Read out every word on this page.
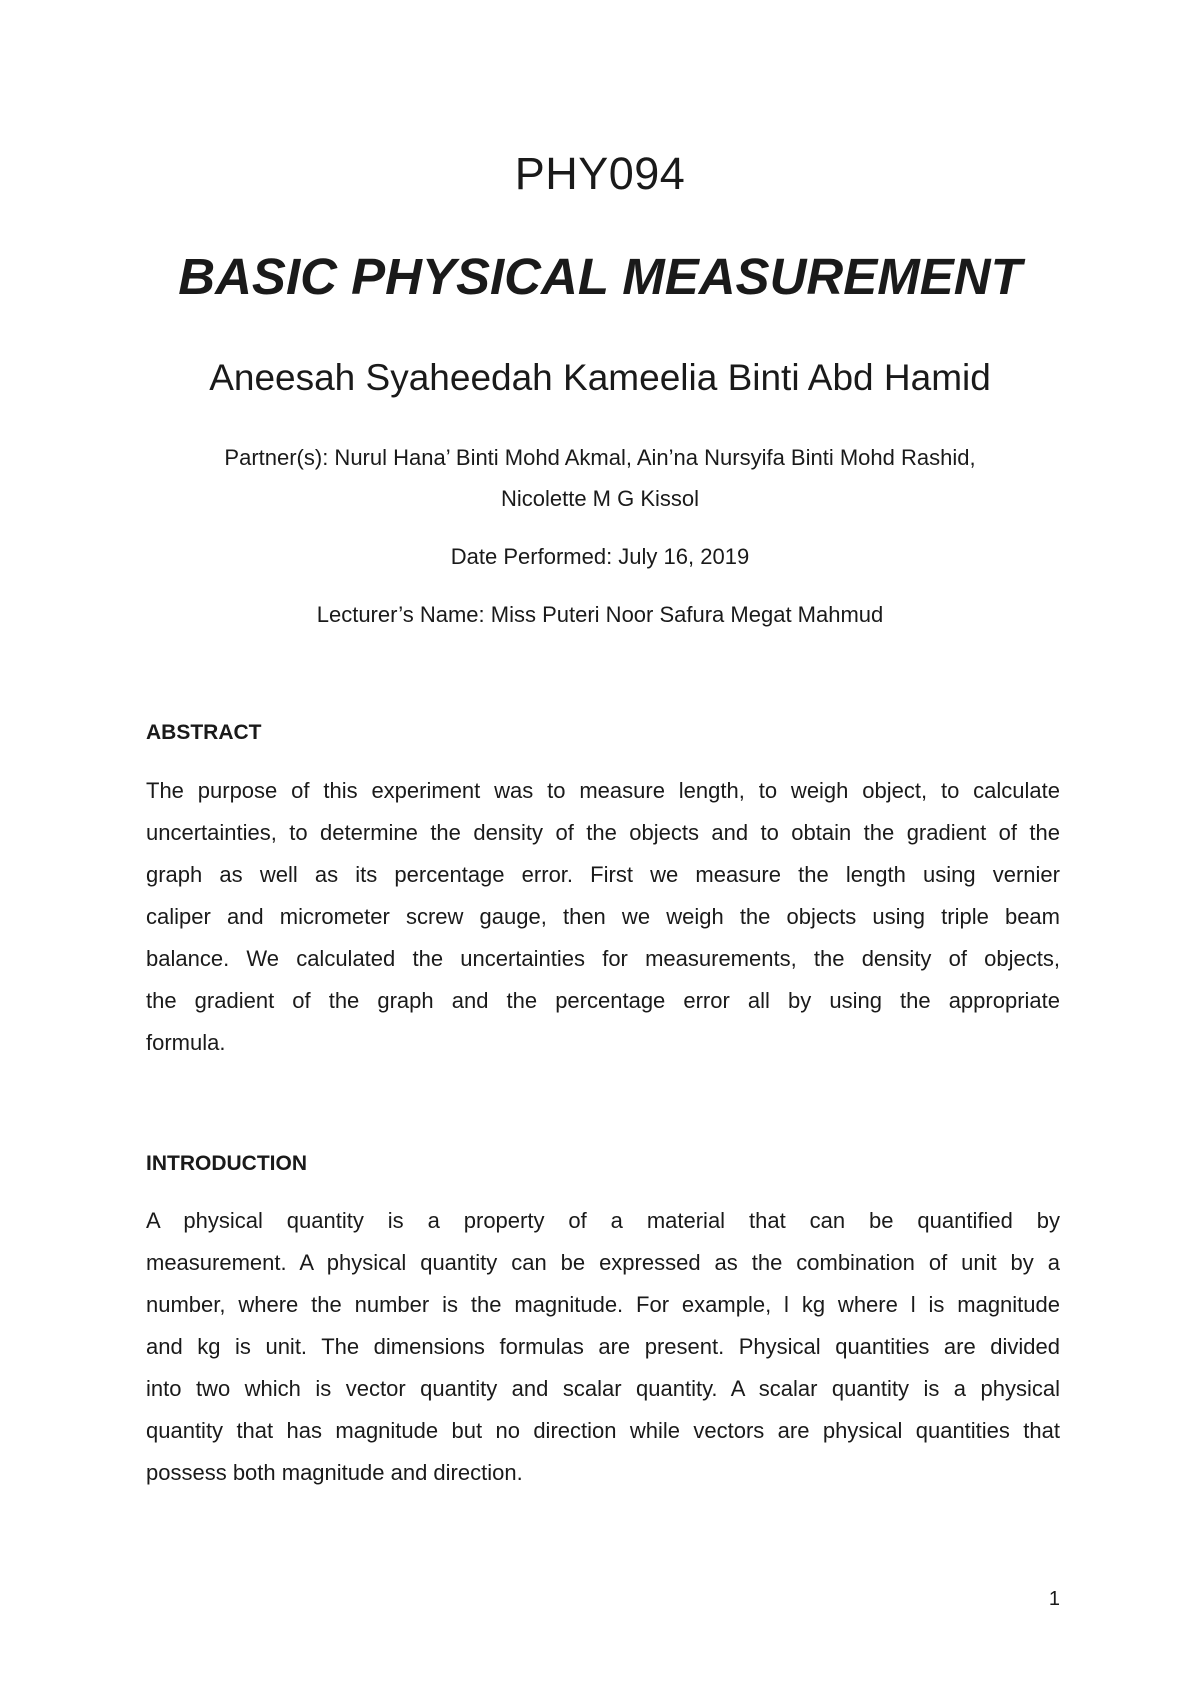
PHY094
BASIC PHYSICAL MEASUREMENT
Aneesah Syaheedah Kameelia Binti Abd Hamid
Partner(s): Nurul Hana’ Binti Mohd Akmal, Ain’na Nursyifa Binti Mohd Rashid,
Nicolette M G Kissol
Date Performed: July 16, 2019
Lecturer’s Name: Miss Puteri Noor Safura Megat Mahmud
ABSTRACT
The purpose of this experiment was to measure length, to weigh object, to calculate
uncertainties, to determine the density of the objects and to obtain the gradient of the
graph as well as its percentage error. First we measure the length using vernier
caliper and micrometer screw gauge, then we weigh the objects using triple beam
balance. We calculated the uncertainties for measurements, the density of objects,
the gradient of the graph and the percentage error all by using the appropriate
formula.
INTRODUCTION
A physical quantity is a property of a material that can be quantified by
measurement. A physical quantity can be expressed as the combination of unit by a
number, where the number is the magnitude. For example, l kg where l is magnitude
and kg is unit. The dimensions formulas are present. Physical quantities are divided
into two which is vector quantity and scalar quantity. A scalar quantity is a physical
quantity that has magnitude but no direction while vectors are physical quantities that
possess both magnitude and direction.
1
